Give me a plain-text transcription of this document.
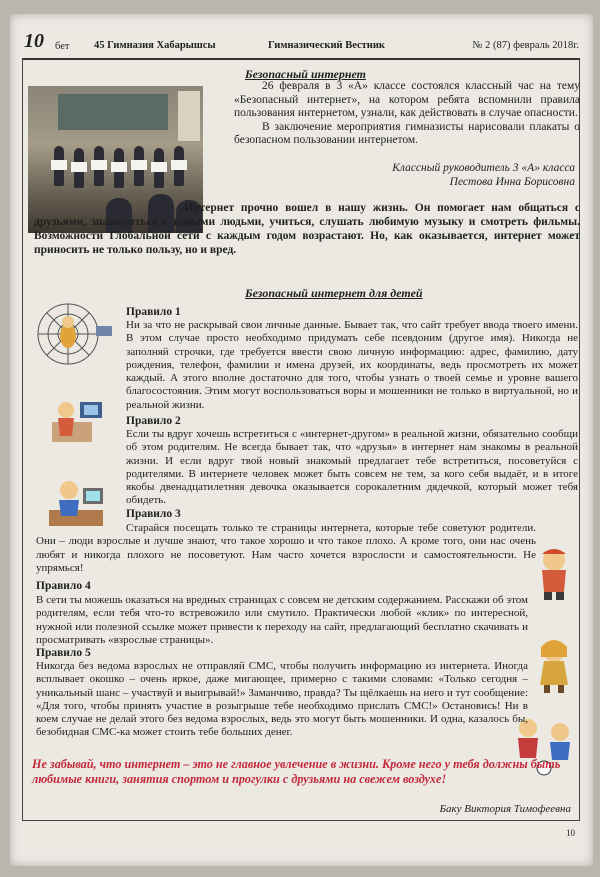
10 бет 45 Гимназия Хабарышсы	Гимназический Вестник	№ 2 (87) февраль 2018г.
Безопасный интернет

26 февраля в 3 «А» классе состоялся классный час на тему «Безопасный интернет», на котором ребята вспомнили правила пользования интернетом, узнали, как действовать в случае опасности.

В заключение мероприятия гимназисты нарисовали плакаты о безопасном пользовании интернетом.

Классный руководитель 3 «А» класса
Пестова Инна Борисовна
Интернет прочно вошел в нашу жизнь. Он помогает нам общаться с друзьями, знакомиться с новыми людьми, учиться, слушать любимую музыку и смотреть фильмы. Возможности Глобальной сети с каждым годом возрастают. Но, как оказывается, интернет может приносить не только пользу, но и вред.
Безопасный интернет для детей
Правило 1
Ни за что не раскрывай свои личные данные. Бывает так, что сайт требует ввода твоего имени. В этом случае просто необходимо придумать себе псевдоним (другое имя). Никогда не заполняй строчки, где требуется ввести свою личную информацию: адрес, фамилию, дату рождения, телефон, фамилии и имена друзей, их координаты, ведь просмотреть их может каждый. А этого вполне достаточно для того, чтобы узнать о твоей семье и уровне вашего благосостояния. Этим могут воспользоваться воры и мошенники не только в виртуальной, но и реальной жизни.
Правило 2
Если ты вдруг хочешь встретиться с «интернет-другом» в реальной жизни, обязательно сообщи об этом родителям. Не всегда бывает так, что «друзья» в интернет нам знакомы в реальной жизни. И если вдруг твой новый знакомый предлагает тебе встретиться, посоветуйся с родителями. В интернете человек может быть совсем не тем, за кого себя выдаёт, и в итоге якобы двенадцатилетняя девочка оказывается сорокалетним дядечкой, который может тебя обидеть.
Правило 3
Старайся посещать только те страницы интернета, которые тебе советуют родители. Они – люди взрослые и лучше знают, что такое хорошо и что такое плохо. А кроме того, они нас очень любят и никогда плохого не посоветуют. Нам часто хочется взрослости и самостоятельности. Не упрямься!
Правило 4
В сети ты можешь оказаться на вредных страницах с совсем не детским содержанием. Расскажи об этом родителям, если тебя что-то встревожило или смутило. Практически любой «клик» по интересной, нужной или полезной ссылке может привести к переходу на сайт, предлагающий бесплатно скачивать и просматривать «взрослые страницы».
Правило 5
Никогда без ведома взрослых не отправляй СМС, чтобы получить информацию из интернета. Иногда всплывает окошко – очень яркое, даже мигающее, примерно с такими словами: «Только сегодня – уникальный шанс – участвуй и выигрывай!» Заманчиво, правда? Ты щёлкаешь на него и тут сообщение: «Для того, чтобы принять участие в розыгрыше тебе необходимо прислать СМС!» Остановись! Ни в коем случае не делай этого без ведома взрослых, ведь это могут быть мошенники. И одна, казалось бы, безобидная СМС-ка может стоить тебе больших денег.
Не забывай, что интернет – это не главное увлечение в жизни. Кроме него у тебя должны быть любимые книги, занятия спортом и прогулки с друзьями на свежем воздухе!
Баку Виктория Тимофеевна
10
